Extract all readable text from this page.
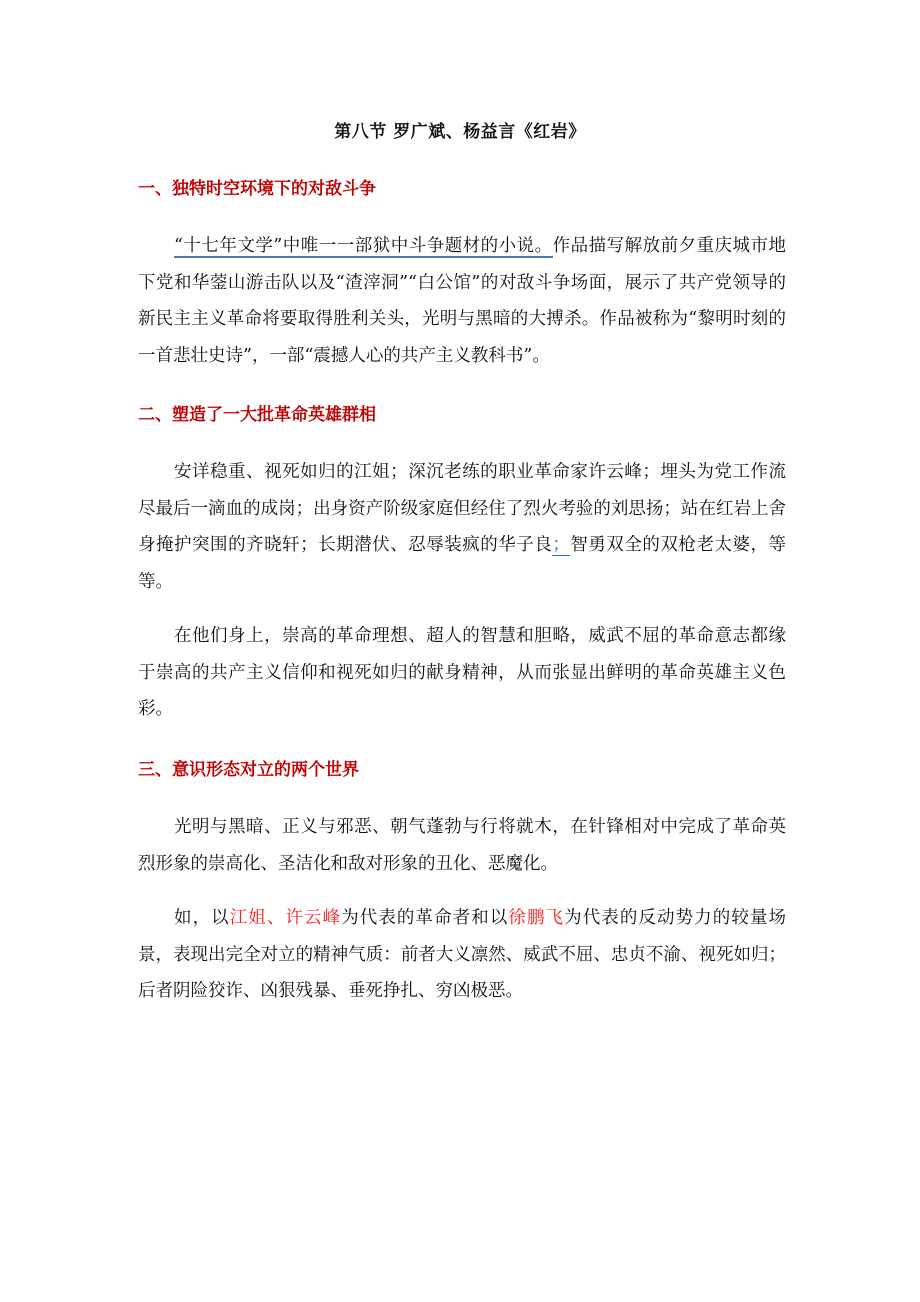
第八节 罗广斌、杨益言《红岩》
一、独特时空环境下的对敌斗争
“十七年文学”中唯一一部狱中斗争题材的小说。作品描写解放前夕重庆城市地下党和华蓥山游击队以及“渣滓洞”“白公馆”的对敌斗争场面，展示了共产党领导的新民主主义革命将要取得胜利关头，光明与黑暗的大搏杀。作品被称为“黎明时刻的一首悲壮史诗”，一部“震撼人心的共产主义教科书”。
二、塑造了一大批革命英雄群相
安详稳重、视死如归的江姐；深沉老练的职业革命家许云峰；埋头为党工作流尽最后一滴血的成岗；出身资产阶级家庭但经住了烈火考验的刘思扬；站在红岩上舍身掩护突围的齐晓轩；长期潜伏、忍辱装疯的华子良；智勇双全的双枪老太婆，等等。
在他们身上，崇高的革命理想、超人的智慧和胆略，威武不屈的革命意志都缘于崇高的共产主义信仰和视死如归的献身精神，从而张显出鲜明的革命英雄主义色彩。
三、意识形态对立的两个世界
光明与黑暗、正义与邪恶、朝气蓬勃与行将就木，在针锋相对中完成了革命英烈形象的崇高化、圣洁化和敌对形象的丑化、恶魔化。
如，以江姐、许云峰为代表的革命者和以徐鹏飞为代表的反动势力的较量场景，表现出完全对立的精神气质：前者大义凛然、威武不屈、忠贞不渝、视死如归；后者阴险狡诈、凶狠残暴、垂死挣扎、穷凶极恶。
